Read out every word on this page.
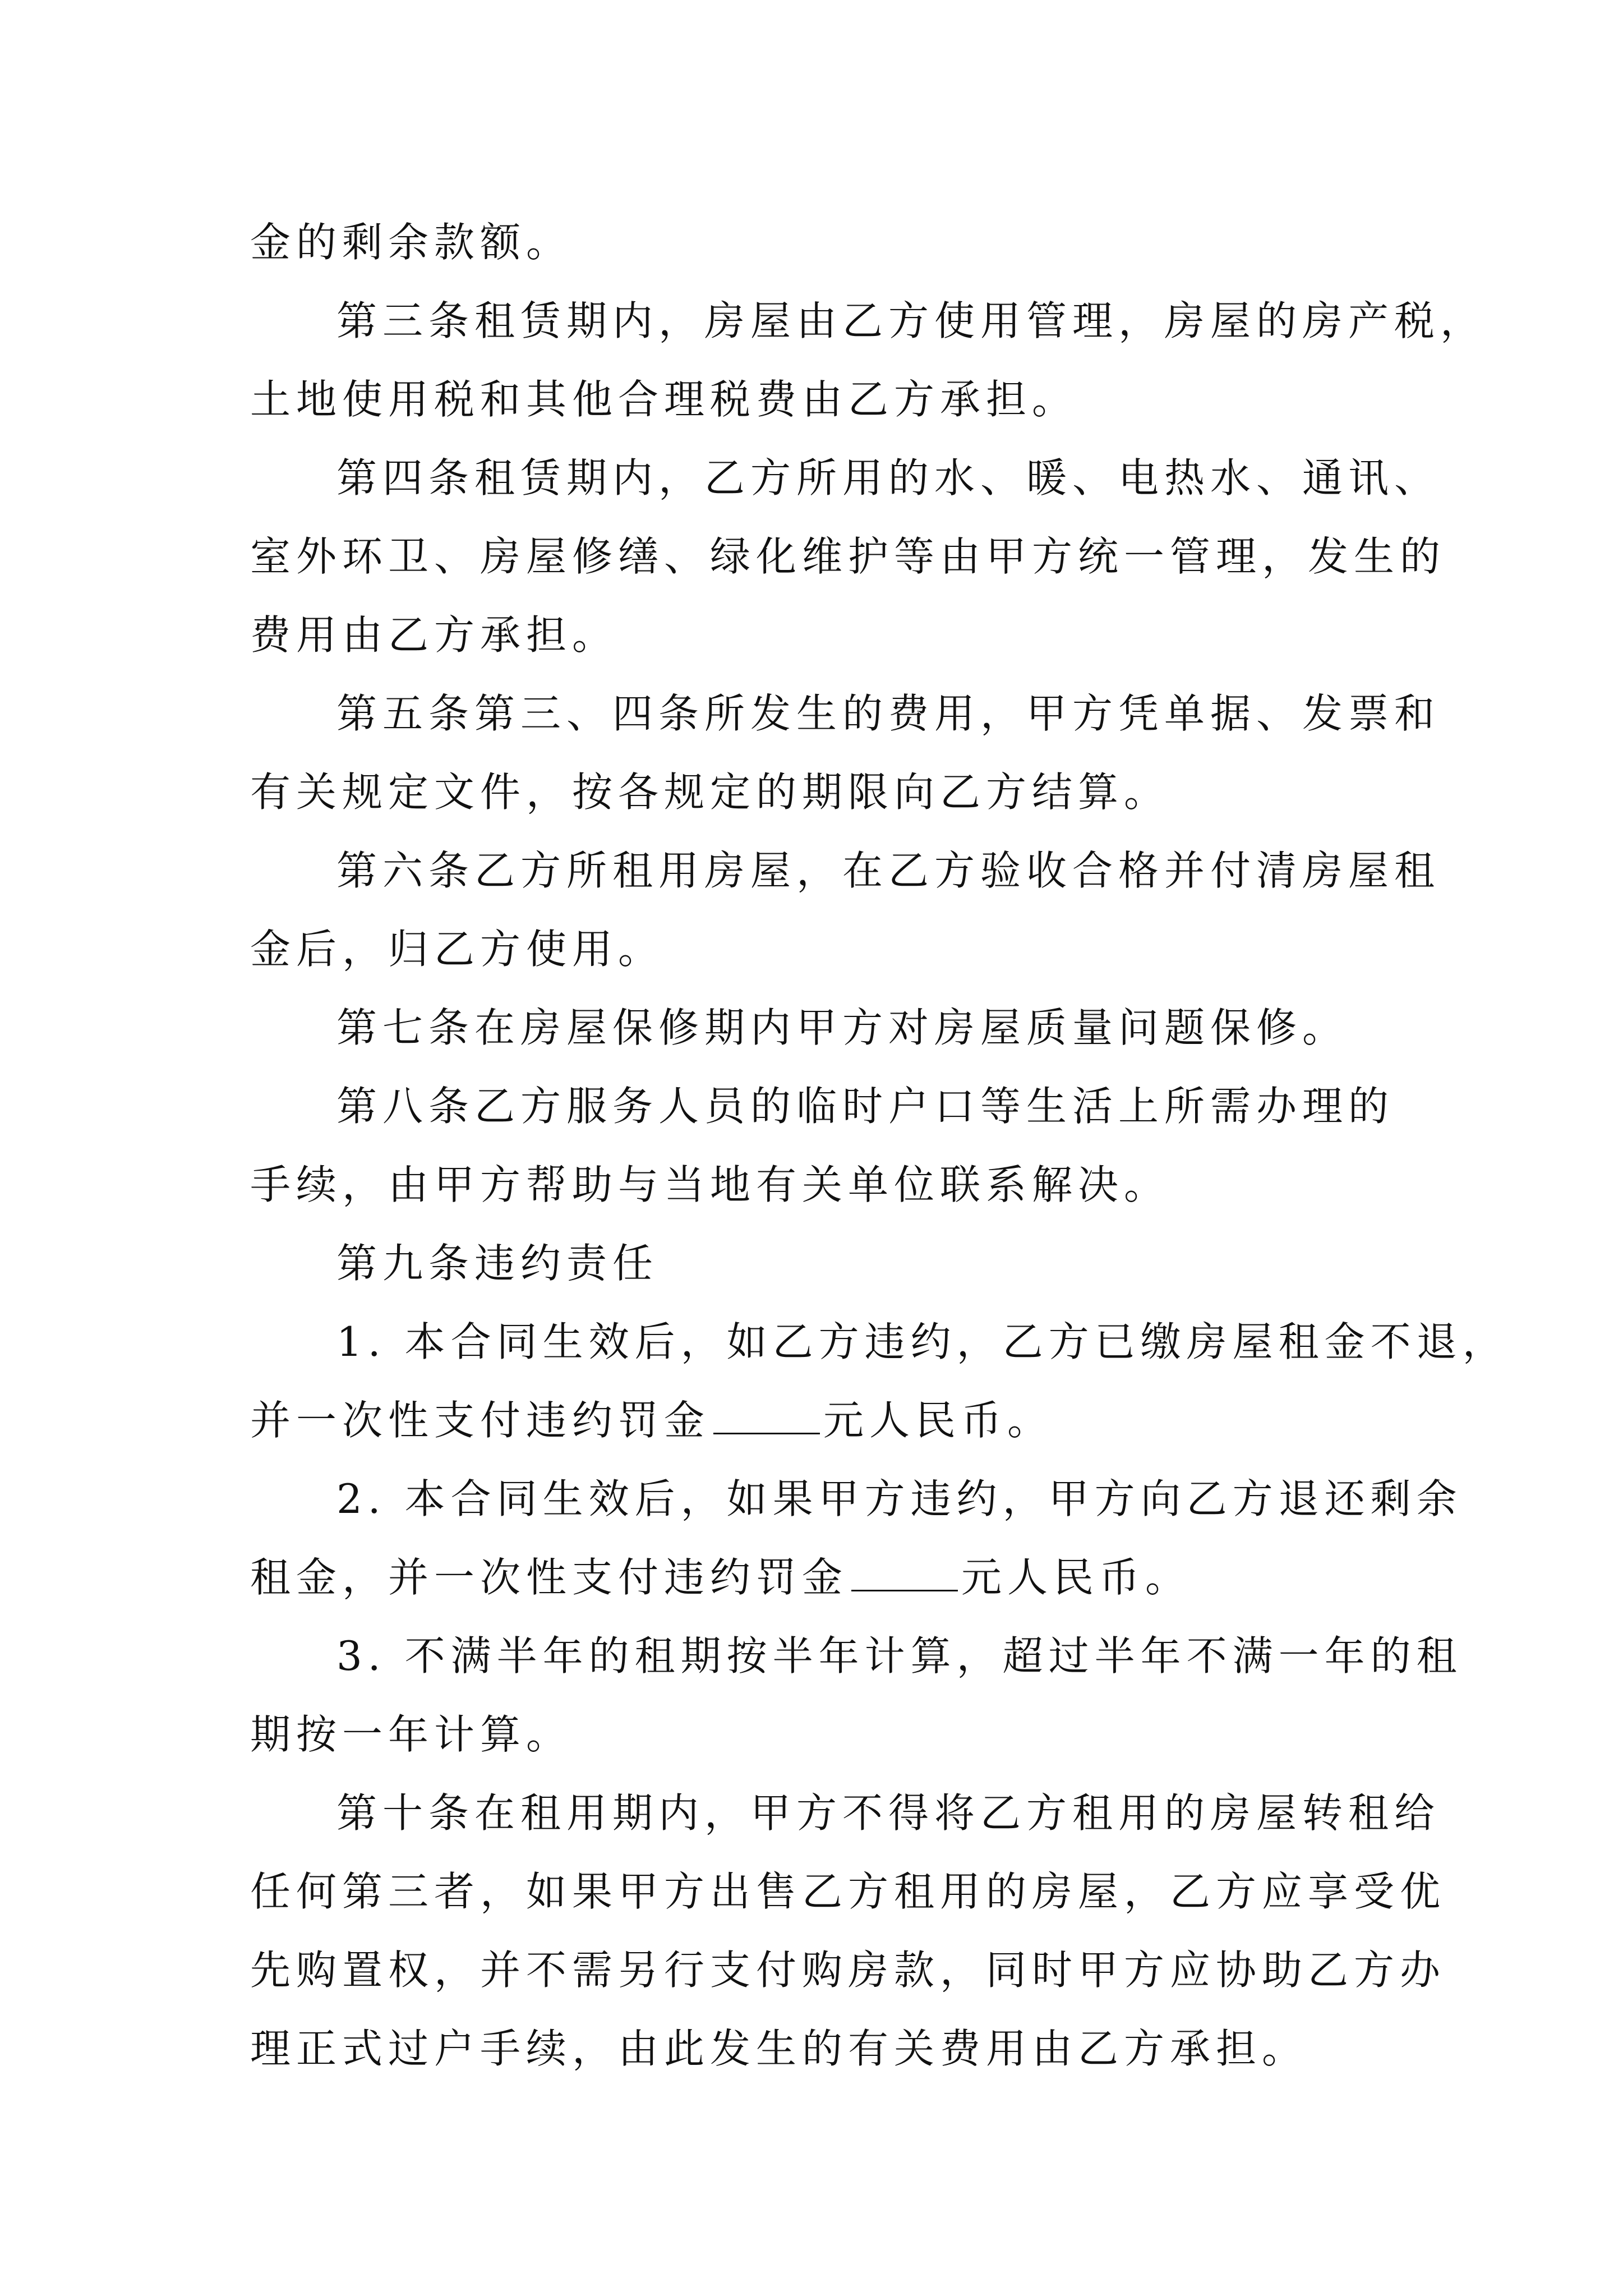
金的剩余款额。
第三条租赁期内，房屋由乙方使用管理，房屋的房产税，
土地使用税和其他合理税费由乙方承担。
第四条租赁期内，乙方所用的水、暖、电热水、通讯、
室外环卫、房屋修缮、绿化维护等由甲方统一管理，发生的
费用由乙方承担。
第五条第三、四条所发生的费用，甲方凭单据、发票和
有关规定文件，按各规定的期限向乙方结算。
第六条乙方所租用房屋，在乙方验收合格并付清房屋租
金后，归乙方使用。
第七条在房屋保修期内甲方对房屋质量问题保修。
第八条乙方服务人员的临时户口等生活上所需办理的
手续，由甲方帮助与当地有关单位联系解决。
第九条违约责任
1. 本合同生效后，如乙方违约，乙方已缴房屋租金不退，
并一次性支付违约罚金	元人民币。
2. 本合同生效后，如果甲方违约，甲方向乙方退还剩余
租金，并一次性支付违约罚金	元人民币。
3. 不满半年的租期按半年计算，超过半年不满一年的租
期按一年计算。
第十条在租用期内，甲方不得将乙方租用的房屋转租给
任何第三者，如果甲方出售乙方租用的房屋，乙方应享受优
先购置权，并不需另行支付购房款，同时甲方应协助乙方办
理正式过户手续，由此发生的有关费用由乙方承担。
